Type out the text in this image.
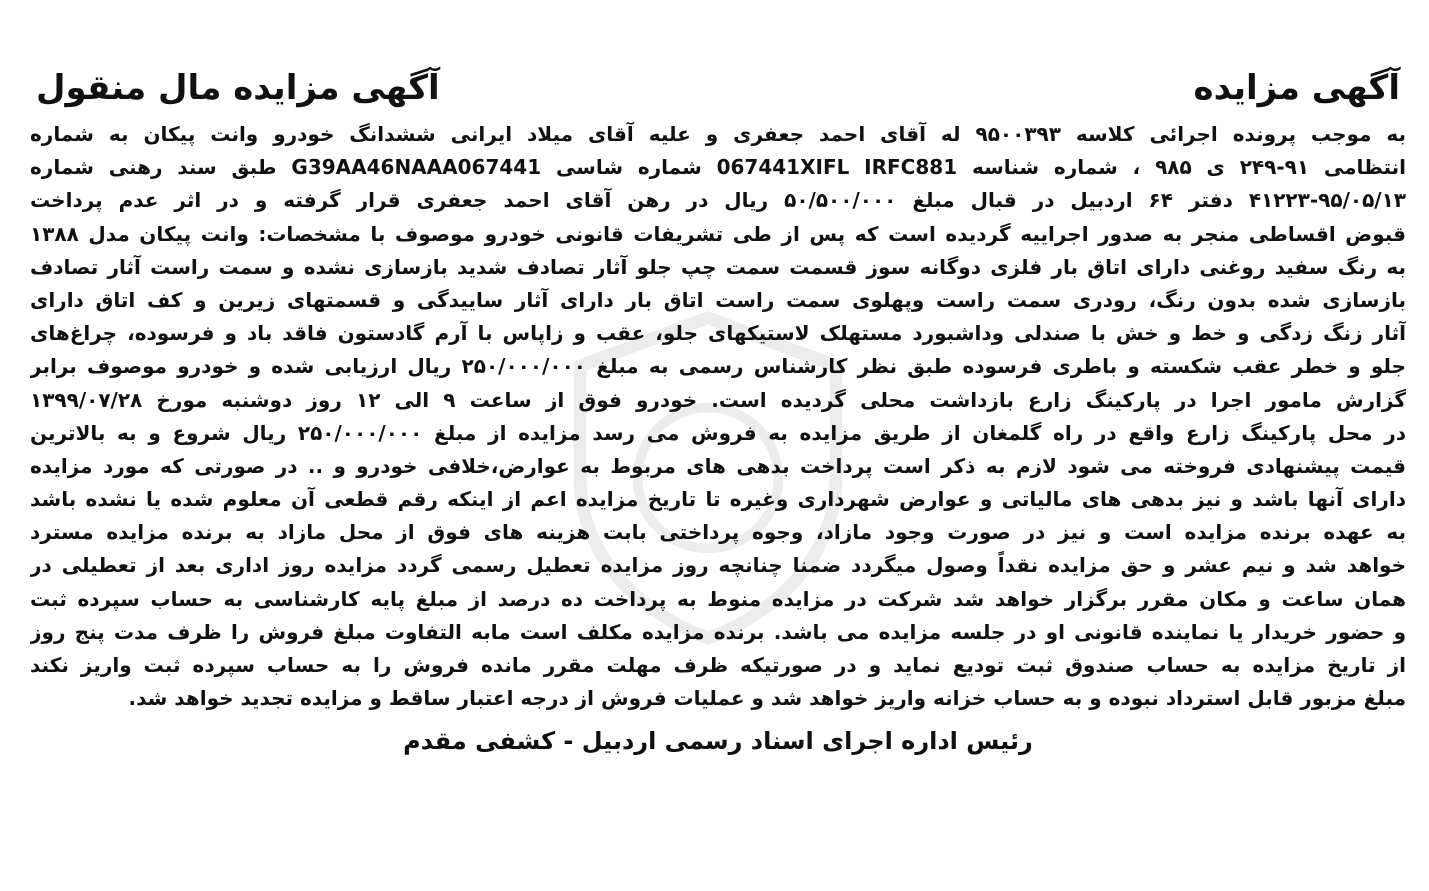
آگهی مزایده
آگهی مزایده مال منقول
به موجب پرونده اجرائی کلاسه ۹۵۰۰۳۹۳ له آقای احمد جعفری و علیه آقای میلاد ایرانی ششدانگ خودرو وانت پیکان به شماره
انتظامی ۹۱-۲۴۹ ی ۹۸۵ ، شماره شناسه 067441XIFL IRFC881 شماره شاسی G39AA46NAAA067441 طبق سند رهنی شماره
۴۱۲۲۳-۹۵/۰۵/۱۳ دفتر ۶۴ اردبیل در قبال مبلغ ۵۰/۵۰۰/۰۰۰ ریال در رهن آقای احمد جعفری قرار گرفته و در اثر عدم پرداخت
قبوض اقساطی منجر به صدور اجراییه گردیده است که پس از طی تشریفات قانونی خودرو موصوف با مشخصات: وانت پیکان مدل ۱۳۸۸
به رنگ سفید روغنی دارای اتاق بار فلزی دوگانه سوز قسمت سمت چپ جلو آثار تصادف شدید بازسازی نشده و سمت راست آثار تصادف
بازسازی شده بدون رنگ، رودری سمت راست وپهلوی سمت راست اتاق بار دارای آثار ساییدگی و قسمتهای زیرین و کف اتاق دارای
آثار زنگ زدگی و خط و خش با صندلی وداشبورد مستهلک لاستیکهای جلو، عقب و زاپاس با آرم گادستون فاقد باد و فرسوده، چراغ‌های
جلو و خطر عقب شکسته و باطری فرسوده طبق نظر کارشناس رسمی به مبلغ ۲۵۰/۰۰۰/۰۰۰ ریال ارزیابی شده و خودرو موصوف برابر
گزارش مامور اجرا در پارکینگ زارع بازداشت محلی گردیده است. خودرو فوق از ساعت ۹ الی ۱۲ روز دوشنبه مورخ ۱۳۹۹/۰۷/۲۸
در محل پارکینگ زارع واقع در راه گلمغان از طریق مزایده به فروش می رسد مزایده از مبلغ ۲۵۰/۰۰۰/۰۰۰ ریال شروع و به بالاترین
قیمت پیشنهادی فروخته می شود لازم به ذکر است پرداخت بدهی های مربوط به عوارض،خلافی خودرو و .. در صورتی که مورد مزایده
دارای آنها باشد و نیز بدهی های مالیاتی و عوارض شهرداری وغیره تا تاریخ مزایده اعم از اینکه رقم قطعی آن معلوم شده یا نشده باشد
به عهده برنده مزایده است و نیز در صورت وجود مازاد، وجوه پرداختی بابت هزینه های فوق از محل مازاد به برنده مزایده مسترد
خواهد شد و نیم عشر و حق مزایده نقداً وصول میگردد ضمنا چنانچه روز مزایده تعطیل رسمی گردد مزایده روز اداری بعد از تعطیلی در
همان ساعت و مکان مقرر برگزار خواهد شد شرکت در مزایده منوط به پرداخت ده درصد از مبلغ پایه کارشناسی به حساب سپرده ثبت
و حضور خریدار یا نماینده قانونی او در جلسه مزایده می باشد. برنده مزایده مکلف است مابه التفاوت مبلغ فروش را ظرف مدت پنج روز
از تاریخ مزایده به حساب صندوق ثبت تودیع نماید و در صورتیکه ظرف مهلت مقرر مانده فروش را به حساب سپرده ثبت واریز نکند
مبلغ مزبور قابل استرداد نبوده و به حساب خزانه واریز خواهد شد و عملیات فروش از درجه اعتبار ساقط و مزایده تجدید خواهد شد.
رئیس اداره اجرای اسناد رسمی اردبیل - کشفی مقدم
